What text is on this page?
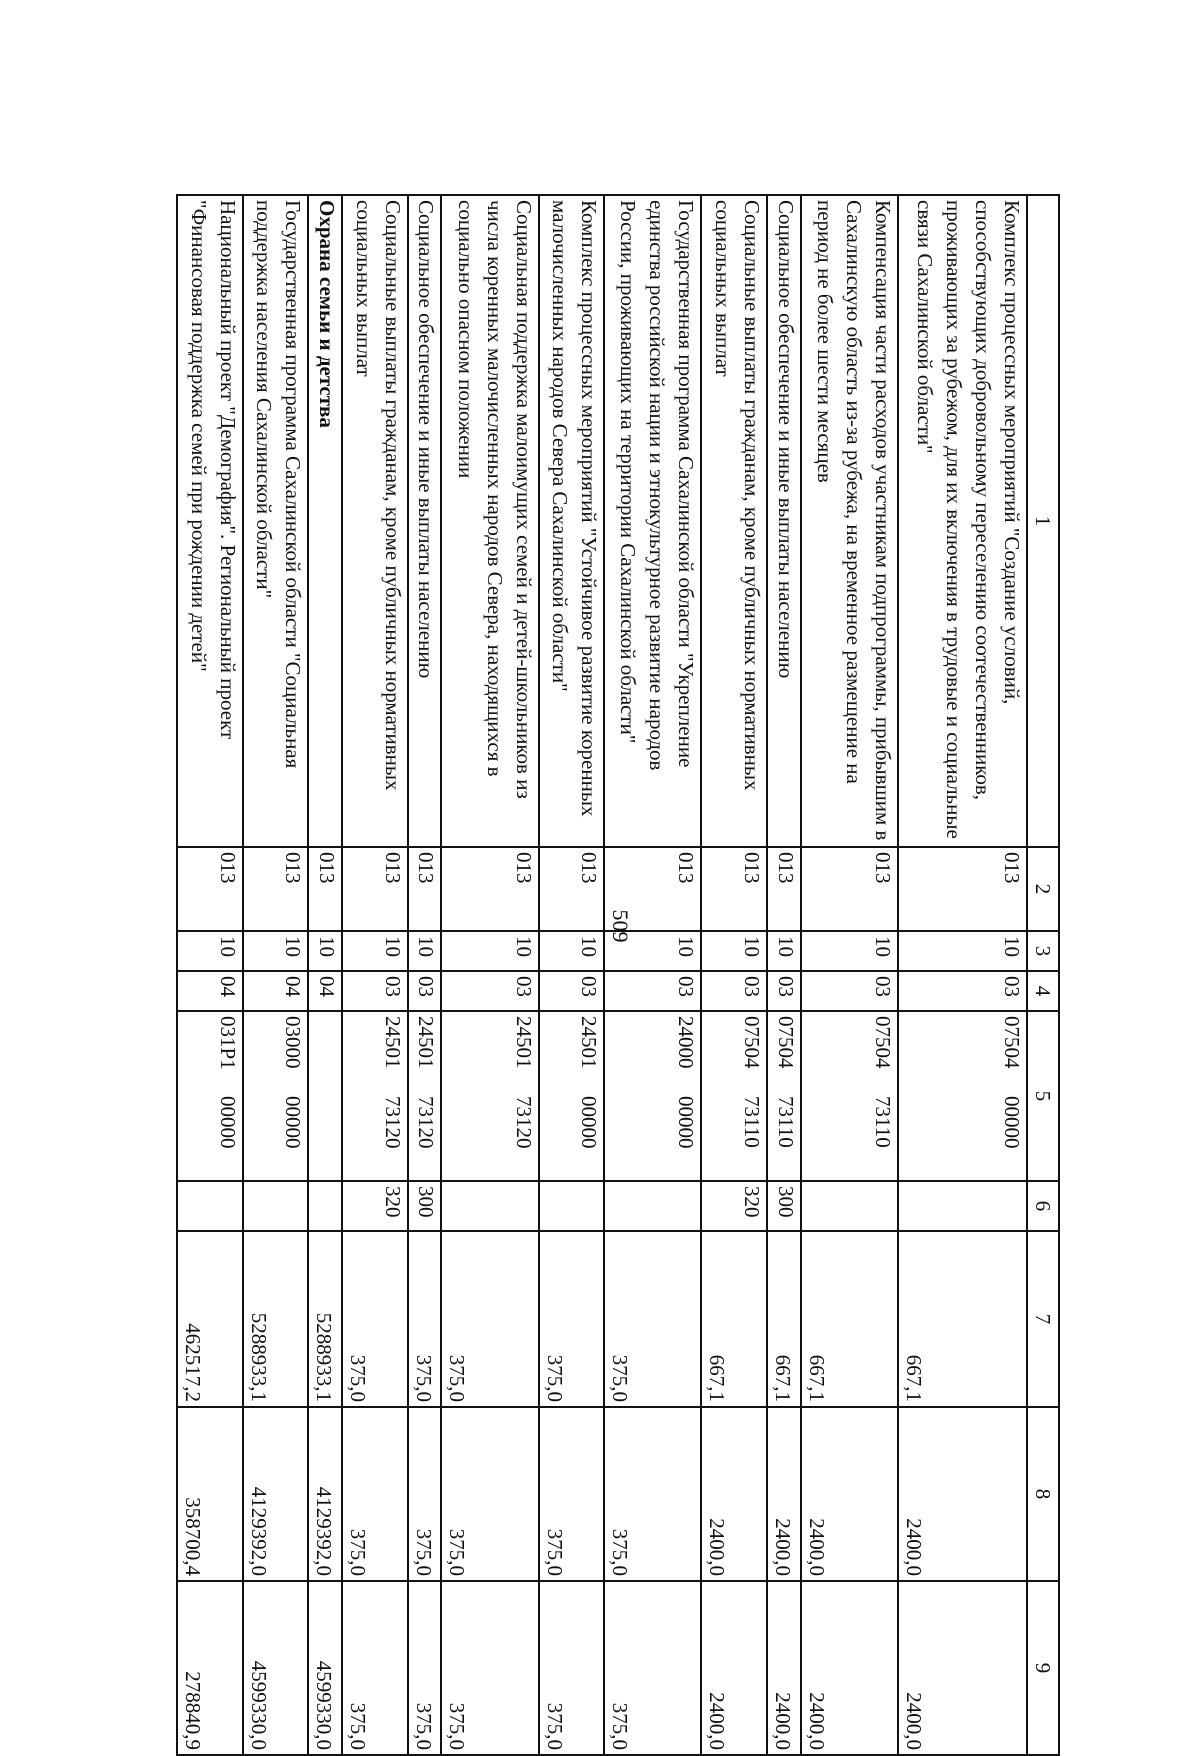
509
1	2	3	4	5	6	7	8	9
Комплекс процессных мероприятий "Создание условий, способствующих добровольному переселению соотечественников, проживающих за рубежом, для их включения в трудовые и социальные связи Сахалинской области"	013	10	03	0750400000		667,1	2400,0	2400,0
Компенсация части расходов участникам подпрограммы, прибывшим в Сахалинскую область из-за рубежа, на временное размещение на период не более шести месяцев	013	10	03	0750473110		667,1	2400,0	2400,0
Социальное обеспечение и иные выплаты населению	013	10	03	0750473110	300	667,1	2400,0	2400,0
Социальные выплаты гражданам, кроме публичных нормативных социальных выплат	013	10	03	0750473110	320	667,1	2400,0	2400,0
Государственная программа Сахалинской области "Укрепление единства российской нации и этнокультурное развитие народов России, проживающих на территории Сахалинской области"	013	10	03	2400000000		375,0	375,0	375,0
Комплекс процессных мероприятий "Устойчивое развитие коренных малочисленных народов Севера Сахалинской области"	013	10	03	2450100000		375,0	375,0	375,0
Социальная поддержка малоимущих семей и детей-школьников из числа коренных малочисленных народов Севера, находящихся в социально опасном положении	013	10	03	2450173120		375,0	375,0	375,0
Социальное обеспечение и иные выплаты населению	013	10	03	2450173120	300	375,0	375,0	375,0
Социальные выплаты гражданам, кроме публичных нормативных социальных выплат	013	10	03	2450173120	320	375,0	375,0	375,0
Охрана семьи и детства	013	10	04			5288933,1	4129392,0	4599330,0
Государственная программа Сахалинской области "Социальная поддержка населения Сахалинской области"	013	10	04	0300000000		5288933,1	4129392,0	4599330,0
Национальный проект "Демография". Региональный проект "Финансовая поддержка семей при рождении детей"	013	10	04	031P100000		462517,2	358700,4	278840,9
